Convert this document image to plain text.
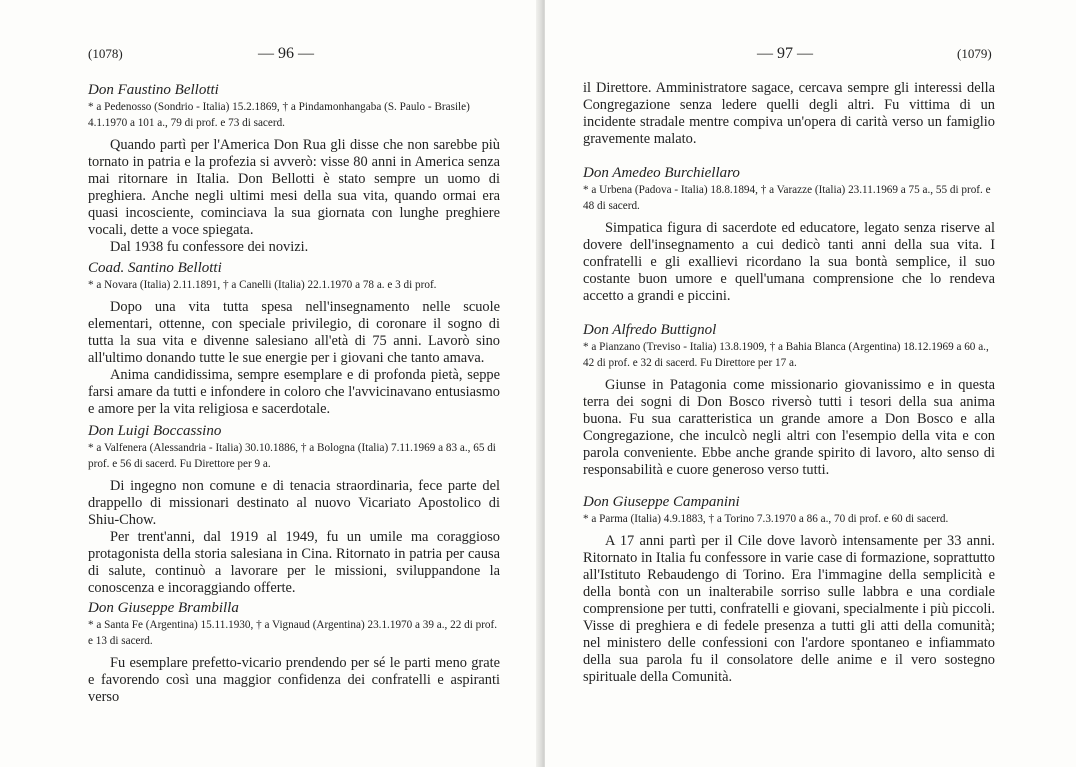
(1078)	— 96 —

Don Faustino Bellotti

* a Pedenosso (Sondrio - Italia) 15.2.1869, † a Pindamonhangaba (S. Paulo - Brasile) 4.1.1970 a 101 a., 79 di prof. e 73 di sacerd.

Quando partì per l'America Don Rua gli disse che non sarebbe più tornato in patria e la profezia si avverò: visse 80 anni in America senza mai ritornare in Italia. Don Bellotti è stato sempre un uomo di preghiera. Anche negli ultimi mesi della sua vita, quando ormai era quasi incosciente, cominciava la sua giornata con lunghe preghiere vocali, dette a voce spiegata.

Dal 1938 fu confessore dei novizi.

Coad. Santino Bellotti

* a Novara (Italia) 2.11.1891, † a Canelli (Italia) 22.1.1970 a 78 a. e 3 di prof.

Dopo una vita tutta spesa nell'insegnamento nelle scuole elementari, ottenne, con speciale privilegio, di coronare il sogno di tutta la sua vita e divenne salesiano all'età di 75 anni. Lavorò sino all'ultimo donando tutte le sue energie per i giovani che tanto amava.

Anima candidissima, sempre esemplare e di profonda pietà, seppe farsi amare da tutti e infondere in coloro che l'avvicinavano entusiasmo e amore per la vita religiosa e sacerdotale.

Don Luigi Boccassino

* a Valfenera (Alessandria - Italia) 30.10.1886, † a Bologna (Italia) 7.11.1969 a 83 a., 65 di prof. e 56 di sacerd. Fu Direttore per 9 a.

Di ingegno non comune e di tenacia straordinaria, fece parte del drappello di missionari destinato al nuovo Vicariato Apostolico di Shiu-Chow.

Per trent'anni, dal 1919 al 1949, fu un umile ma coraggioso protagonista della storia salesiana in Cina. Ritornato in patria per causa di salute, continuò a lavorare per le missioni, sviluppandone la conoscenza e incoraggiando offerte.

Don Giuseppe Brambilla

* a Santa Fe (Argentina) 15.11.1930, † a Vignaud (Argentina) 23.1.1970 a 39 a., 22 di prof. e 13 di sacerd.

Fu esemplare prefetto-vicario prendendo per sé le parti meno grate e favorendo così una maggior confidenza dei confratelli e aspiranti verso

— 97 —	(1079)

il Direttore. Amministratore sagace, cercava sempre gli interessi della Congregazione senza ledere quelli degli altri. Fu vittima di un incidente stradale mentre compiva un'opera di carità verso un famiglio gravemente malato.

Don Amedeo Burchiellaro

* a Urbena (Padova - Italia) 18.8.1894, † a Varazze (Italia) 23.11.1969 a 75 a., 55 di prof. e 48 di sacerd.

Simpatica figura di sacerdote ed educatore, legato senza riserve al dovere dell'insegnamento a cui dedicò tanti anni della sua vita. I confratelli e gli exallievi ricordano la sua bontà semplice, il suo costante buon umore e quell'umana comprensione che lo rendeva accetto a grandi e piccini.

Don Alfredo Buttignol

* a Pianzano (Treviso - Italia) 13.8.1909, † a Bahia Blanca (Argentina) 18.12.1969 a 60 a., 42 di prof. e 32 di sacerd. Fu Direttore per 17 a.

Giunse in Patagonia come missionario giovanissimo e in questa terra dei sogni di Don Bosco riversò tutti i tesori della sua anima buona. Fu sua caratteristica un grande amore a Don Bosco e alla Congregazione, che inculcò negli altri con l'esempio della vita e con parola conveniente. Ebbe anche grande spirito di lavoro, alto senso di responsabilità e cuore generoso verso tutti.

Don Giuseppe Campanini

* a Parma (Italia) 4.9.1883, † a Torino 7.3.1970 a 86 a., 70 di prof. e 60 di sacerd.

A 17 anni partì per il Cile dove lavorò intensamente per 33 anni. Ritornato in Italia fu confessore in varie case di formazione, soprattutto all'Istituto Rebaudengo di Torino. Era l'immagine della semplicità e della bontà con un inalterabile sorriso sulle labbra e una cordiale comprensione per tutti, confratelli e giovani, specialmente i più piccoli. Visse di preghiera e di fedele presenza a tutti gli atti della comunità; nel ministero delle confessioni con l'ardore spontaneo e infiammato della sua parola fu il consolatore delle anime e il vero sostegno spirituale della Comunità.
